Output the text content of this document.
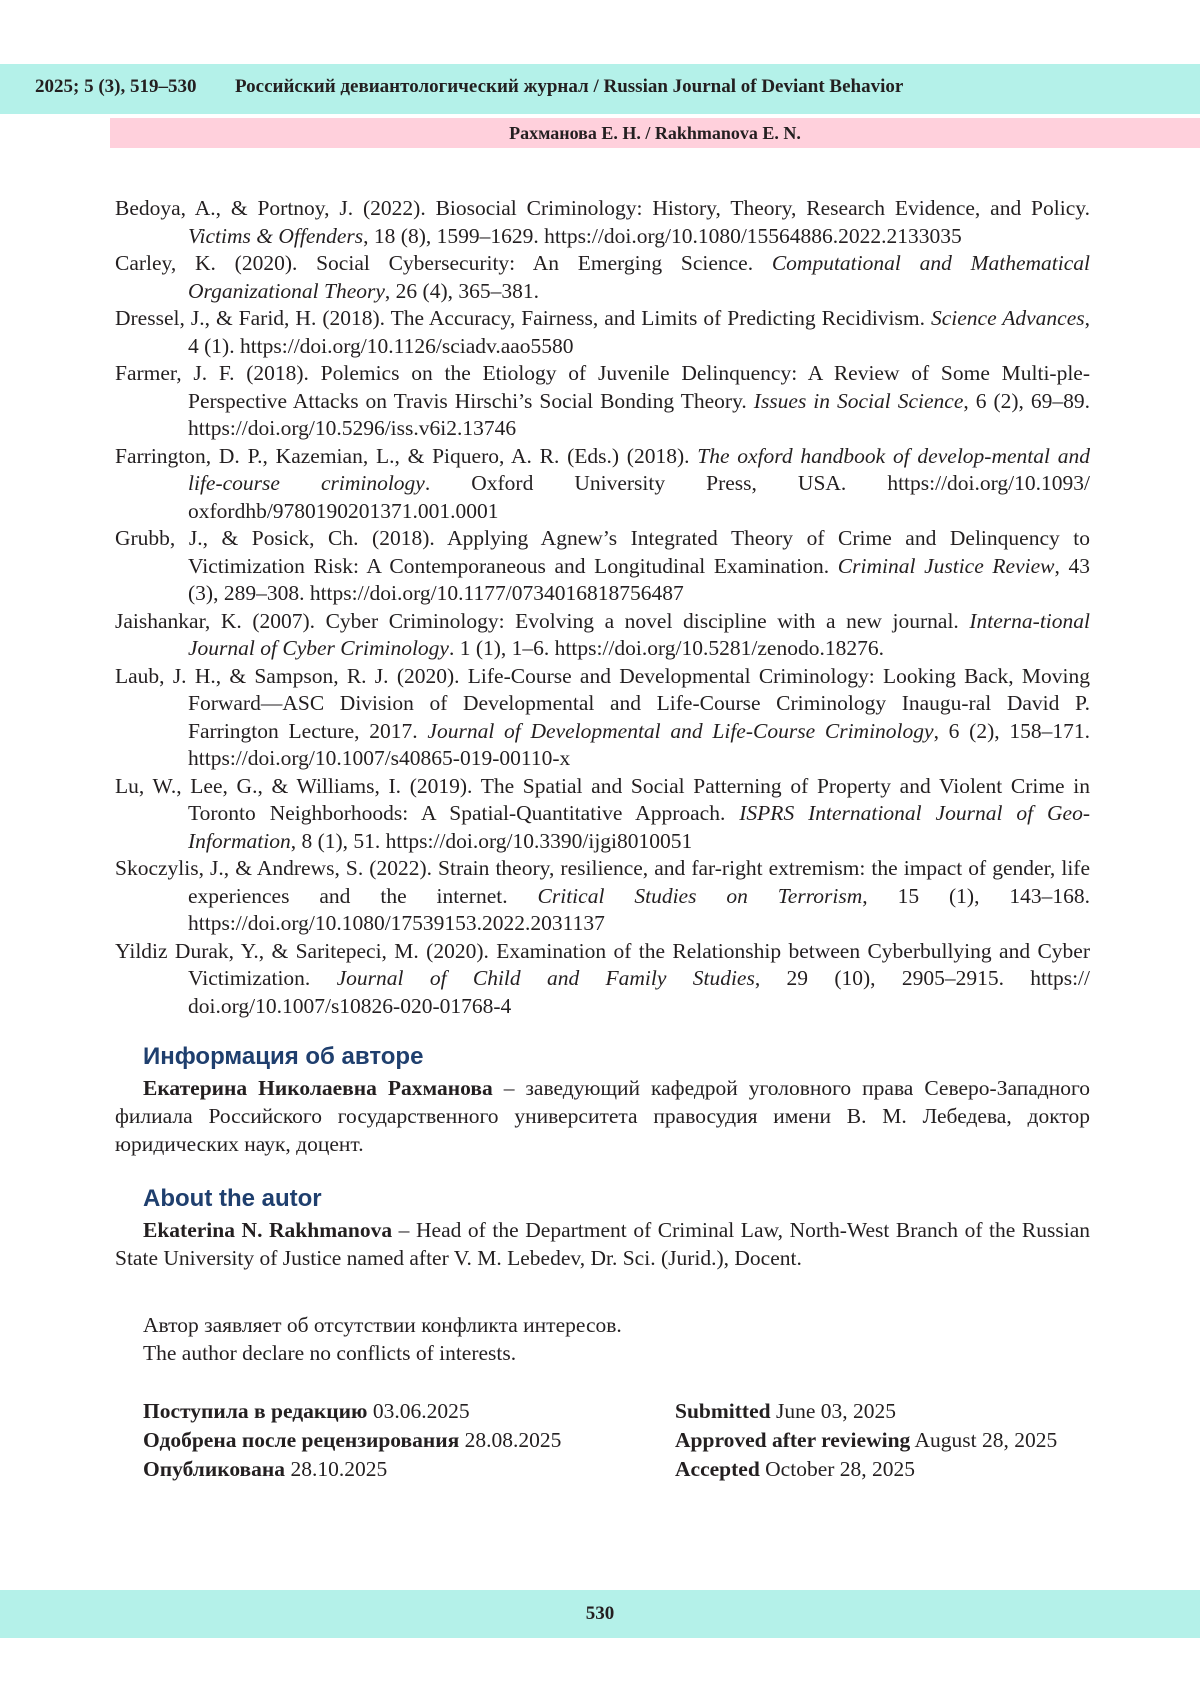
2025; 5 (3), 519–530 Российский девиантологический журнал / Russian Journal of Deviant Behavior
Рахманова Е. Н. / Rakhmanova E. N.

Bedoya, A., & Portnoy, J. (2022). Biosocial Criminology: History, Theory, Research Evidence, and Policy. Victims & Offenders, 18 (8), 1599–1629. https://doi.org/10.1080/15564886.2022.2133035

Carley, K. (2020). Social Cybersecurity: An Emerging Science. Computational and Mathematical Organizational Theory, 26 (4), 365–381.

Dressel, J., & Farid, H. (2018). The Accuracy, Fairness, and Limits of Predicting Recidivism. Science Advances, 4 (1). https://doi.org/10.1126/sciadv.aao5580

Farmer, J. F. (2018). Polemics on the Etiology of Juvenile Delinquency: A Review of Some Multi-ple-Perspective Attacks on Travis Hirschi’s Social Bonding Theory. Issues in Social Science, 6 (2), 69–89. https://doi.org/10.5296/iss.v6i2.13746

Farrington, D. P., Kazemian, L., & Piquero, A. R. (Eds.) (2018). The oxford handbook of develop-mental and life-course criminology. Oxford University Press, USA. https://doi.org/10.1093/ oxfordhb/9780190201371.001.0001

Grubb, J., & Posick, Ch. (2018). Applying Agnew’s Integrated Theory of Crime and Delinquency to Victimization Risk: A Contemporaneous and Longitudinal Examination. Criminal Justice Review, 43 (3), 289–308. https://doi.org/10.1177/0734016818756487

Jaishankar, K. (2007). Cyber Criminology: Evolving a novel discipline with a new journal. Interna-tional Journal of Cyber Criminology. 1 (1), 1–6. https://doi.org/10.5281/zenodo.18276.

Laub, J. H., & Sampson, R. J. (2020). Life-Course and Developmental Criminology: Looking Back, Moving Forward—ASC Division of Developmental and Life-Course Criminology Inaugu-ral David P. Farrington Lecture, 2017. Journal of Developmental and Life-Course Criminology, 6 (2), 158–171. https://doi.org/10.1007/s40865-019-00110-x

Lu, W., Lee, G., & Williams, I. (2019). The Spatial and Social Patterning of Property and Violent Crime in Toronto Neighborhoods: A Spatial-Quantitative Approach. ISPRS International Journal of Geo-Information, 8 (1), 51. https://doi.org/10.3390/ijgi8010051

Skoczylis, J., & Andrews, S. (2022). Strain theory, resilience, and far-right extremism: the impact of gender, life experiences and the internet. Critical Studies on Terrorism, 15 (1), 143–168. https://doi.org/10.1080/17539153.2022.2031137

Yildiz Durak, Y., & Saritepeci, M. (2020). Examination of the Relationship between Cyberbullying and Cyber Victimization. Journal of Child and Family Studies, 29 (10), 2905–2915. https:// doi.org/10.1007/s10826-020-01768-4

Информация об авторе
Екатерина Николаевна Рахманова – заведующий кафедрой уголовного права Северо-Западного филиала Российского государственного университета правосудия имени В. М. Лебедева, доктор юридических наук, доцент.
About the autor
Ekaterina N. Rakhmanova – Head of the Department of Criminal Law, North-West Branch of the Russian State University of Justice named after V. M. Lebedev, Dr. Sci. (Jurid.), Docent.
Автор заявляет об отсутствии конфликта интересов.
The author declare no conflicts of interests.
Поступила в редакцию 03.06.2025
Одобрена после рецензирования 28.08.2025
Опубликована 28.10.2025
Submitted June 03, 2025
Approved after reviewing August 28, 2025
Accepted October 28, 2025
530
